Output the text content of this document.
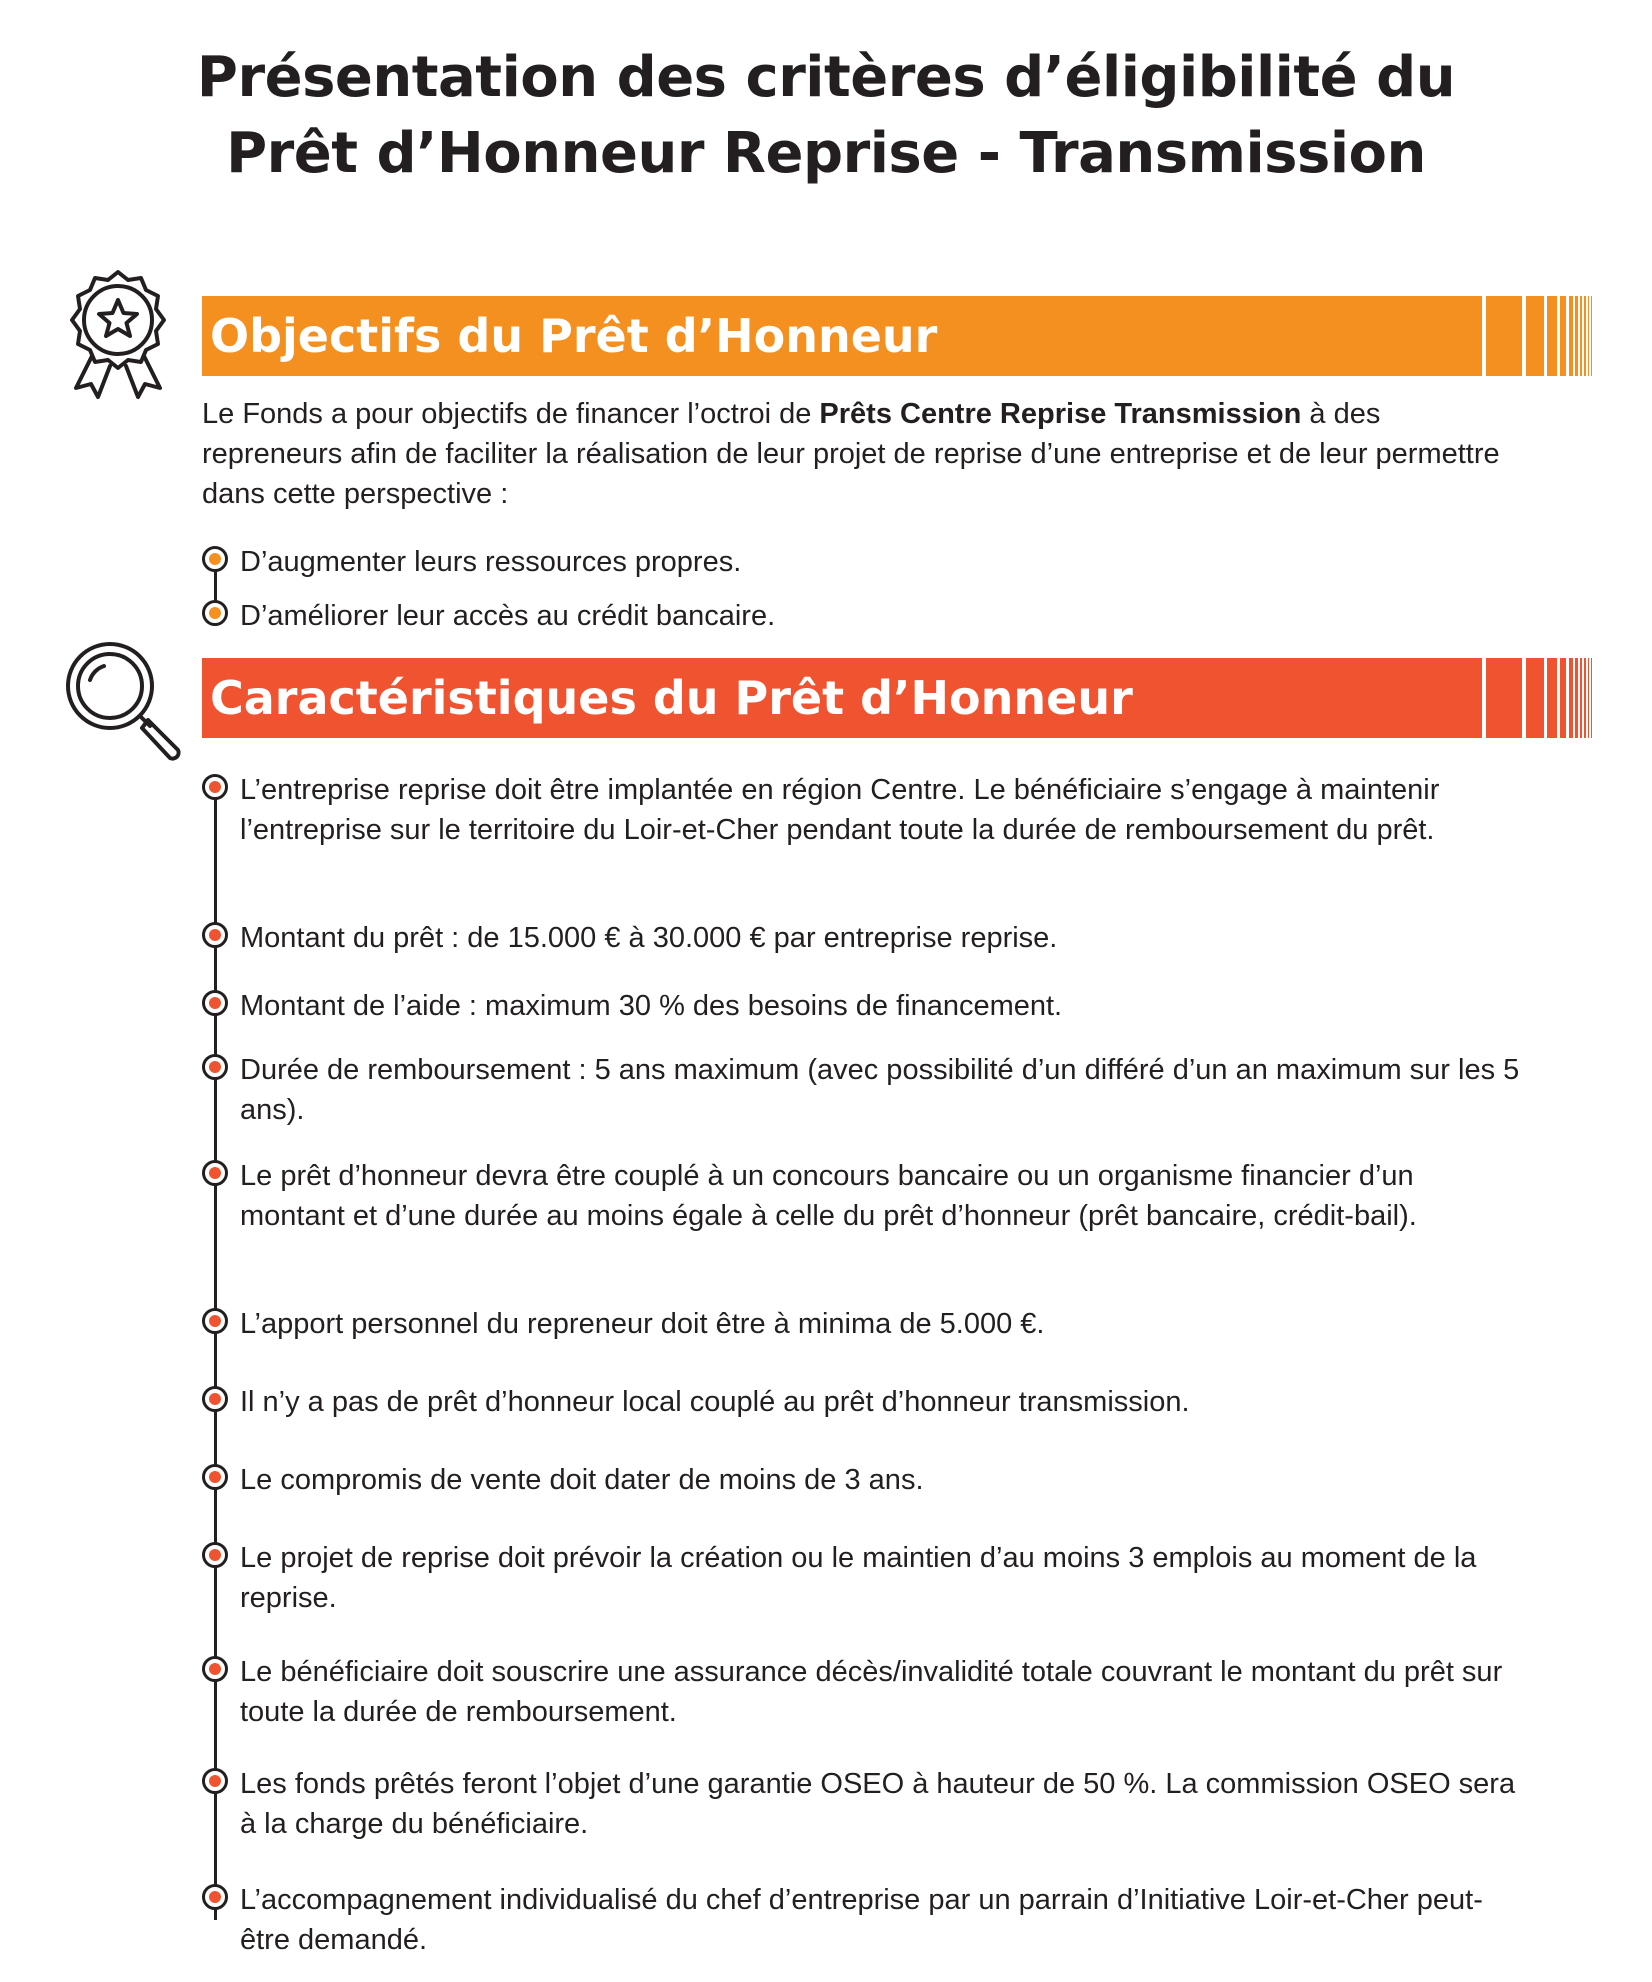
Présentation des critères d’éligibilité du
Prêt d’Honneur Reprise - Transmission
Objectifs du Prêt d’Honneur
Le Fonds a pour objectifs de financer l’octroi de Prêts Centre Reprise Transmission à des repreneurs afin de faciliter la réalisation de leur projet de reprise d’une entreprise et de leur permettre dans cette perspective :
D’augmenter leurs ressources propres.
D’améliorer leur accès au crédit bancaire.
Caractéristiques du Prêt d’Honneur
L’entreprise reprise doit être implantée en région Centre. Le bénéficiaire s’engage à maintenir l’entreprise sur le territoire du Loir-et-Cher pendant toute la durée de remboursement du prêt.
Montant du prêt : de 15.000 € à 30.000 € par entreprise reprise.
Montant de l’aide : maximum 30 % des besoins de financement.
Durée de remboursement : 5 ans maximum (avec possibilité d’un différé d’un an maximum sur les 5 ans).
Le prêt d’honneur devra être couplé à un concours bancaire ou un organisme financier d’un montant et d’une durée au moins égale à celle du prêt d’honneur (prêt bancaire, crédit-bail).
L’apport personnel du repreneur doit être à minima de 5.000 €.
Il n’y a pas de prêt d’honneur local couplé au prêt d’honneur transmission.
Le compromis de vente doit dater de moins de 3 ans.
Le projet de reprise doit prévoir la création ou le maintien d’au moins 3 emplois au moment de la reprise.
Le bénéficiaire doit souscrire une assurance décès/invalidité totale couvrant le montant du prêt sur toute la durée de remboursement.
Les fonds prêtés feront l’objet d’une garantie OSEO à hauteur de 50 %. La commission OSEO sera à la charge du bénéficiaire.
L’accompagnement individualisé du chef d’entreprise par un parrain d’Initiative Loir-et-Cher peut-être demandé.
